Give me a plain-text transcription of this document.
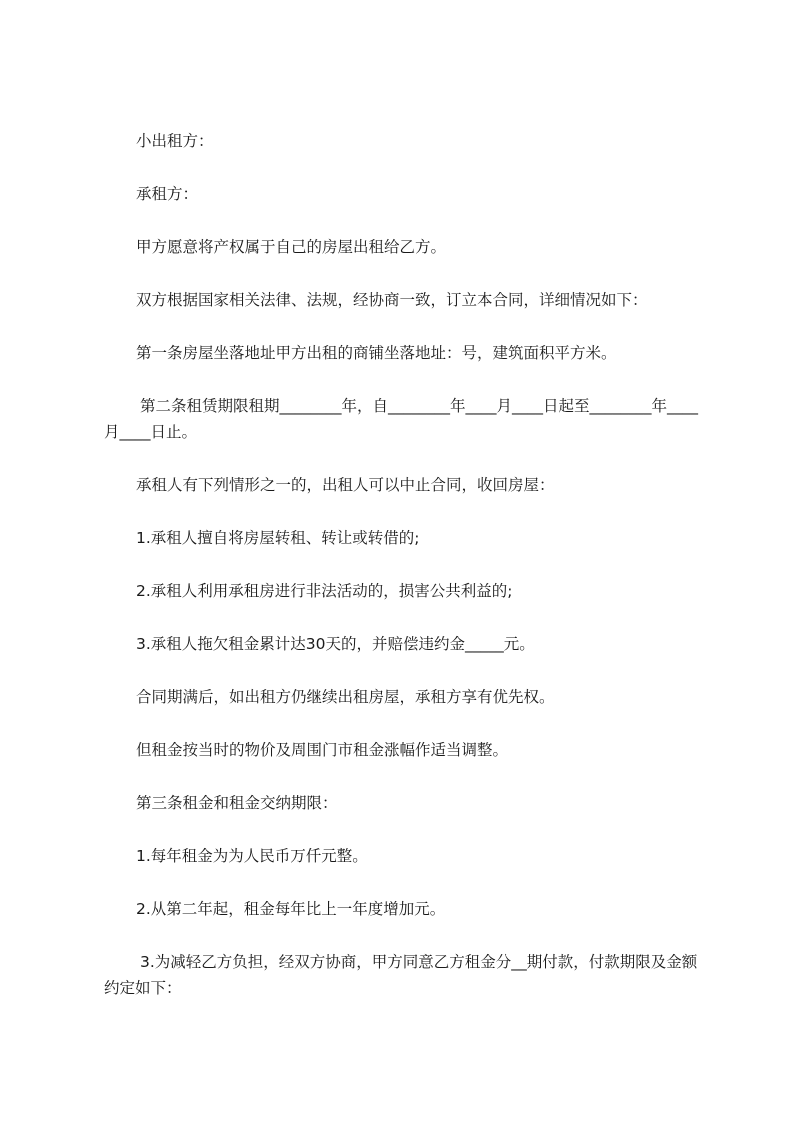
小出租方：

承租方：

甲方愿意将产权属于自己的房屋出租给乙方。

双方根据国家相关法律、法规，经协商一致，订立本合同，详细情况如下：

第一条房屋坐落地址甲方出租的商铺坐落地址：号，建筑面积平方米。

第二条租赁期限租期________年，自________年____月____日起至________年____月____日止。

承租人有下列情形之一的，出租人可以中止合同，收回房屋：

1.承租人擅自将房屋转租、转让或转借的;

2.承租人利用承租房进行非法活动的，损害公共利益的;

3.承租人拖欠租金累计达30天的，并赔偿违约金_____元。

合同期满后，如出租方仍继续出租房屋，承租方享有优先权。

但租金按当时的物价及周围门市租金涨幅作适当调整。

第三条租金和租金交纳期限：

1.每年租金为为人民币万仟元整。

2.从第二年起，租金每年比上一年度增加元。

3.为减轻乙方负担，经双方协商，甲方同意乙方租金分__期付款，付款期限及金额约定如下：
